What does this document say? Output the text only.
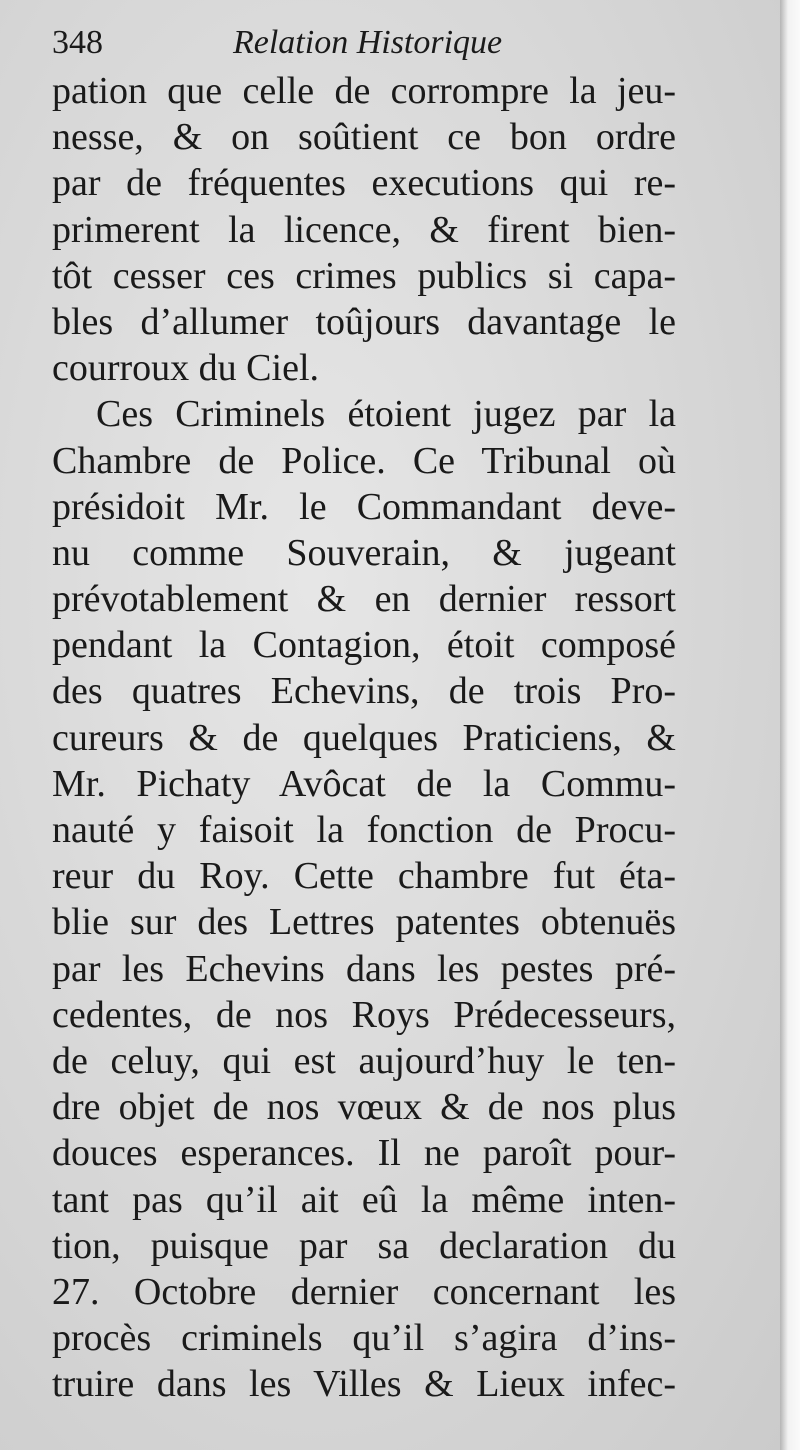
348	Relation Historique
pation que celle de corrompre la jeu-
nesse, & on soûtient ce bon ordre
par de fréquentes executions qui re-
primerent la licence, & firent bien-
tôt cesser ces crimes publics si capa-
bles d’allumer toûjours davantage le
courroux du Ciel.
Ces Criminels étoient jugez par la
Chambre de Police. Ce Tribunal où
présidoit Mr. le Commandant deve-
nu comme Souverain, & jugeant
prévotablement & en dernier ressort
pendant la Contagion, étoit composé
des quatres Echevins, de trois Pro-
cureurs & de quelques Praticiens, &
Mr. Pichaty Avôcat de la Commu-
nauté y faisoit la fonction de Procu-
reur du Roy. Cette chambre fut éta-
blie sur des Lettres patentes obtenuës
par les Echevins dans les pestes pré-
cedentes, de nos Roys Prédecesseurs,
de celuy, qui est aujourd’huy le ten-
dre objet de nos vœux & de nos plus
douces esperances. Il ne paroît pour-
tant pas qu’il ait eû la même inten-
tion, puisque par sa declaration du
27. Octobre dernier concernant les
procès criminels qu’il s’agira d’ins-
truire dans les Villes & Lieux infec-
